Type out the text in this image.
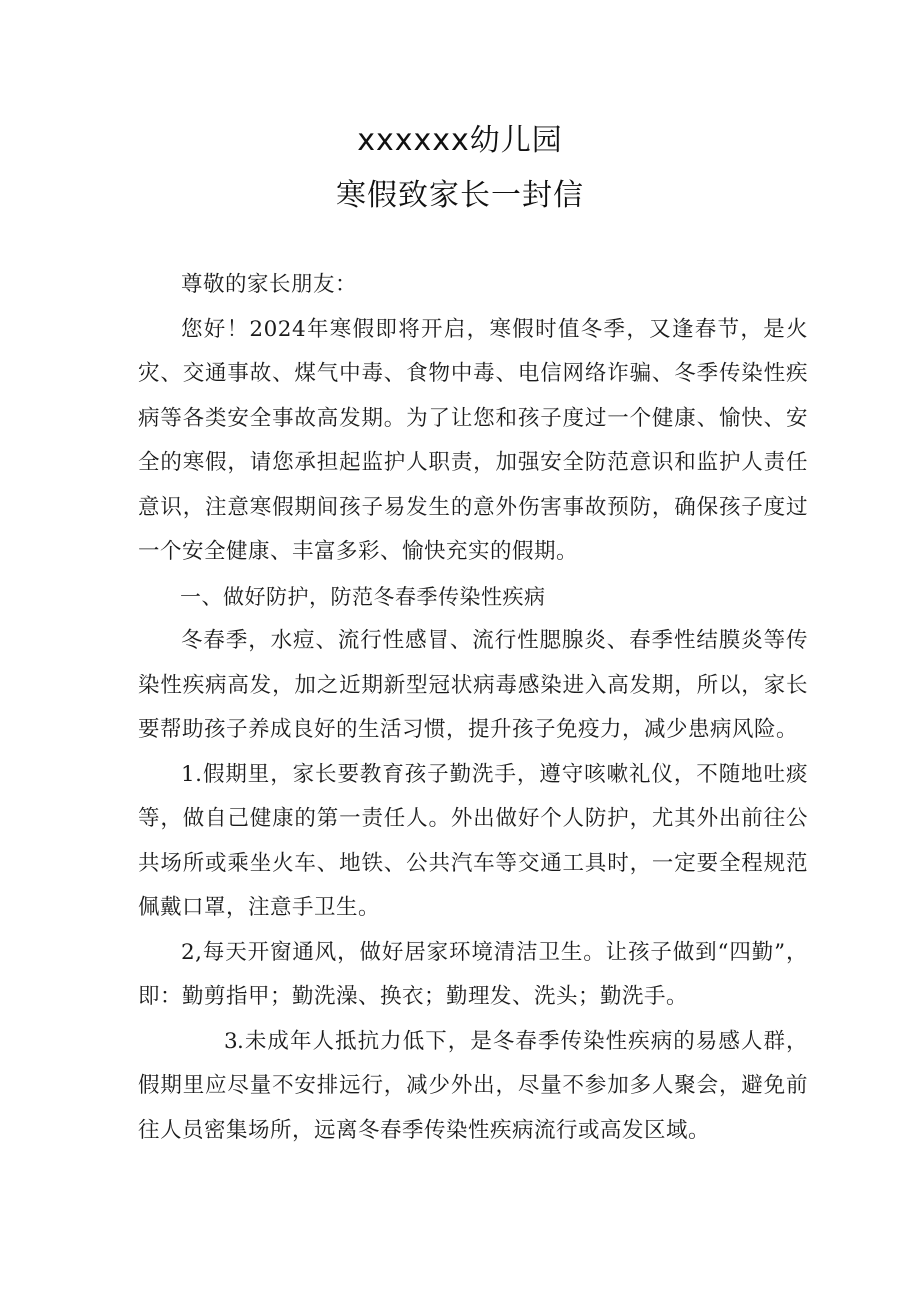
xxxxxx幼儿园
寒假致家长一封信

尊敬的家长朋友：

您好！2024年寒假即将开启，寒假时值冬季，又逢春节，是火灾、交通事故、煤气中毒、食物中毒、电信网络诈骗、冬季传染性疾病等各类安全事故高发期。为了让您和孩子度过一个健康、愉快、安全的寒假，请您承担起监护人职责，加强安全防范意识和监护人责任意识，注意寒假期间孩子易发生的意外伤害事故预防，确保孩子度过一个安全健康、丰富多彩、愉快充实的假期。

一、做好防护，防范冬春季传染性疾病

冬春季，水痘、流行性感冒、流行性腮腺炎、春季性结膜炎等传染性疾病高发，加之近期新型冠状病毒感染进入高发期，所以，家长要帮助孩子养成良好的生活习惯，提升孩子免疫力，减少患病风险。

1.假期里，家长要教育孩子勤洗手，遵守咳嗽礼仪，不随地吐痰等，做自己健康的第一责任人。外出做好个人防护，尤其外出前往公共场所或乘坐火车、地铁、公共汽车等交通工具时，一定要全程规范佩戴口罩，注意手卫生。

2,每天开窗通风，做好居家环境清洁卫生。让孩子做到“四勤”，即：勤剪指甲；勤洗澡、换衣；勤理发、洗头；勤洗手。

3.未成年人抵抗力低下，是冬春季传染性疾病的易感人群，假期里应尽量不安排远行，减少外出，尽量不参加多人聚会，避免前往人员密集场所，远离冬春季传染性疾病流行或高发区域。
